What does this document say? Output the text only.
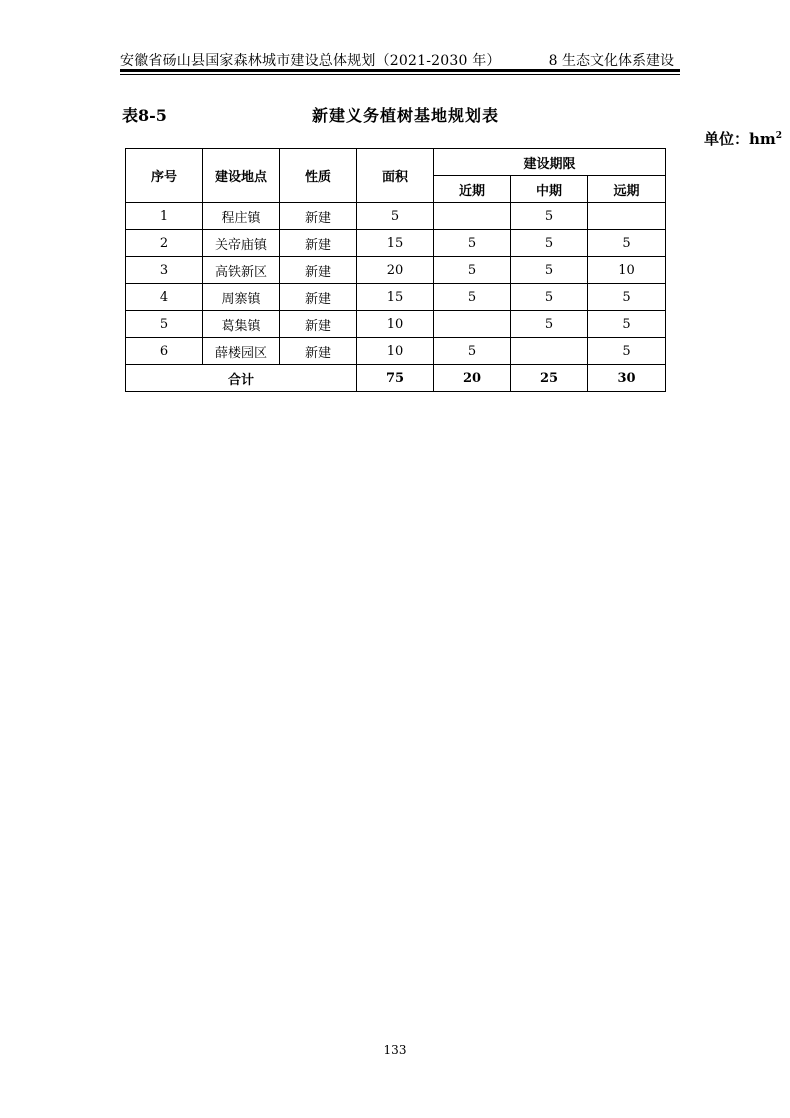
安徽省砀山县国家森林城市建设总体规划（2021-2030 年）	8 生态文化体系建设
表8-5	新建义务植树基地规划表
单位：$hm^2$
序号	建设地点	性质	面积	建设期限		
				近期	中期	远期
1	程庄镇	新建	5		5	
2	关帝庙镇	新建	15	5	5	5
3	高铁新区	新建	20	5	5	10
4	周寨镇	新建	15	5	5	5
5	葛集镇	新建	10		5	5
6	薛楼园区	新建	10	5		5
合计			75	20	25	30
133
